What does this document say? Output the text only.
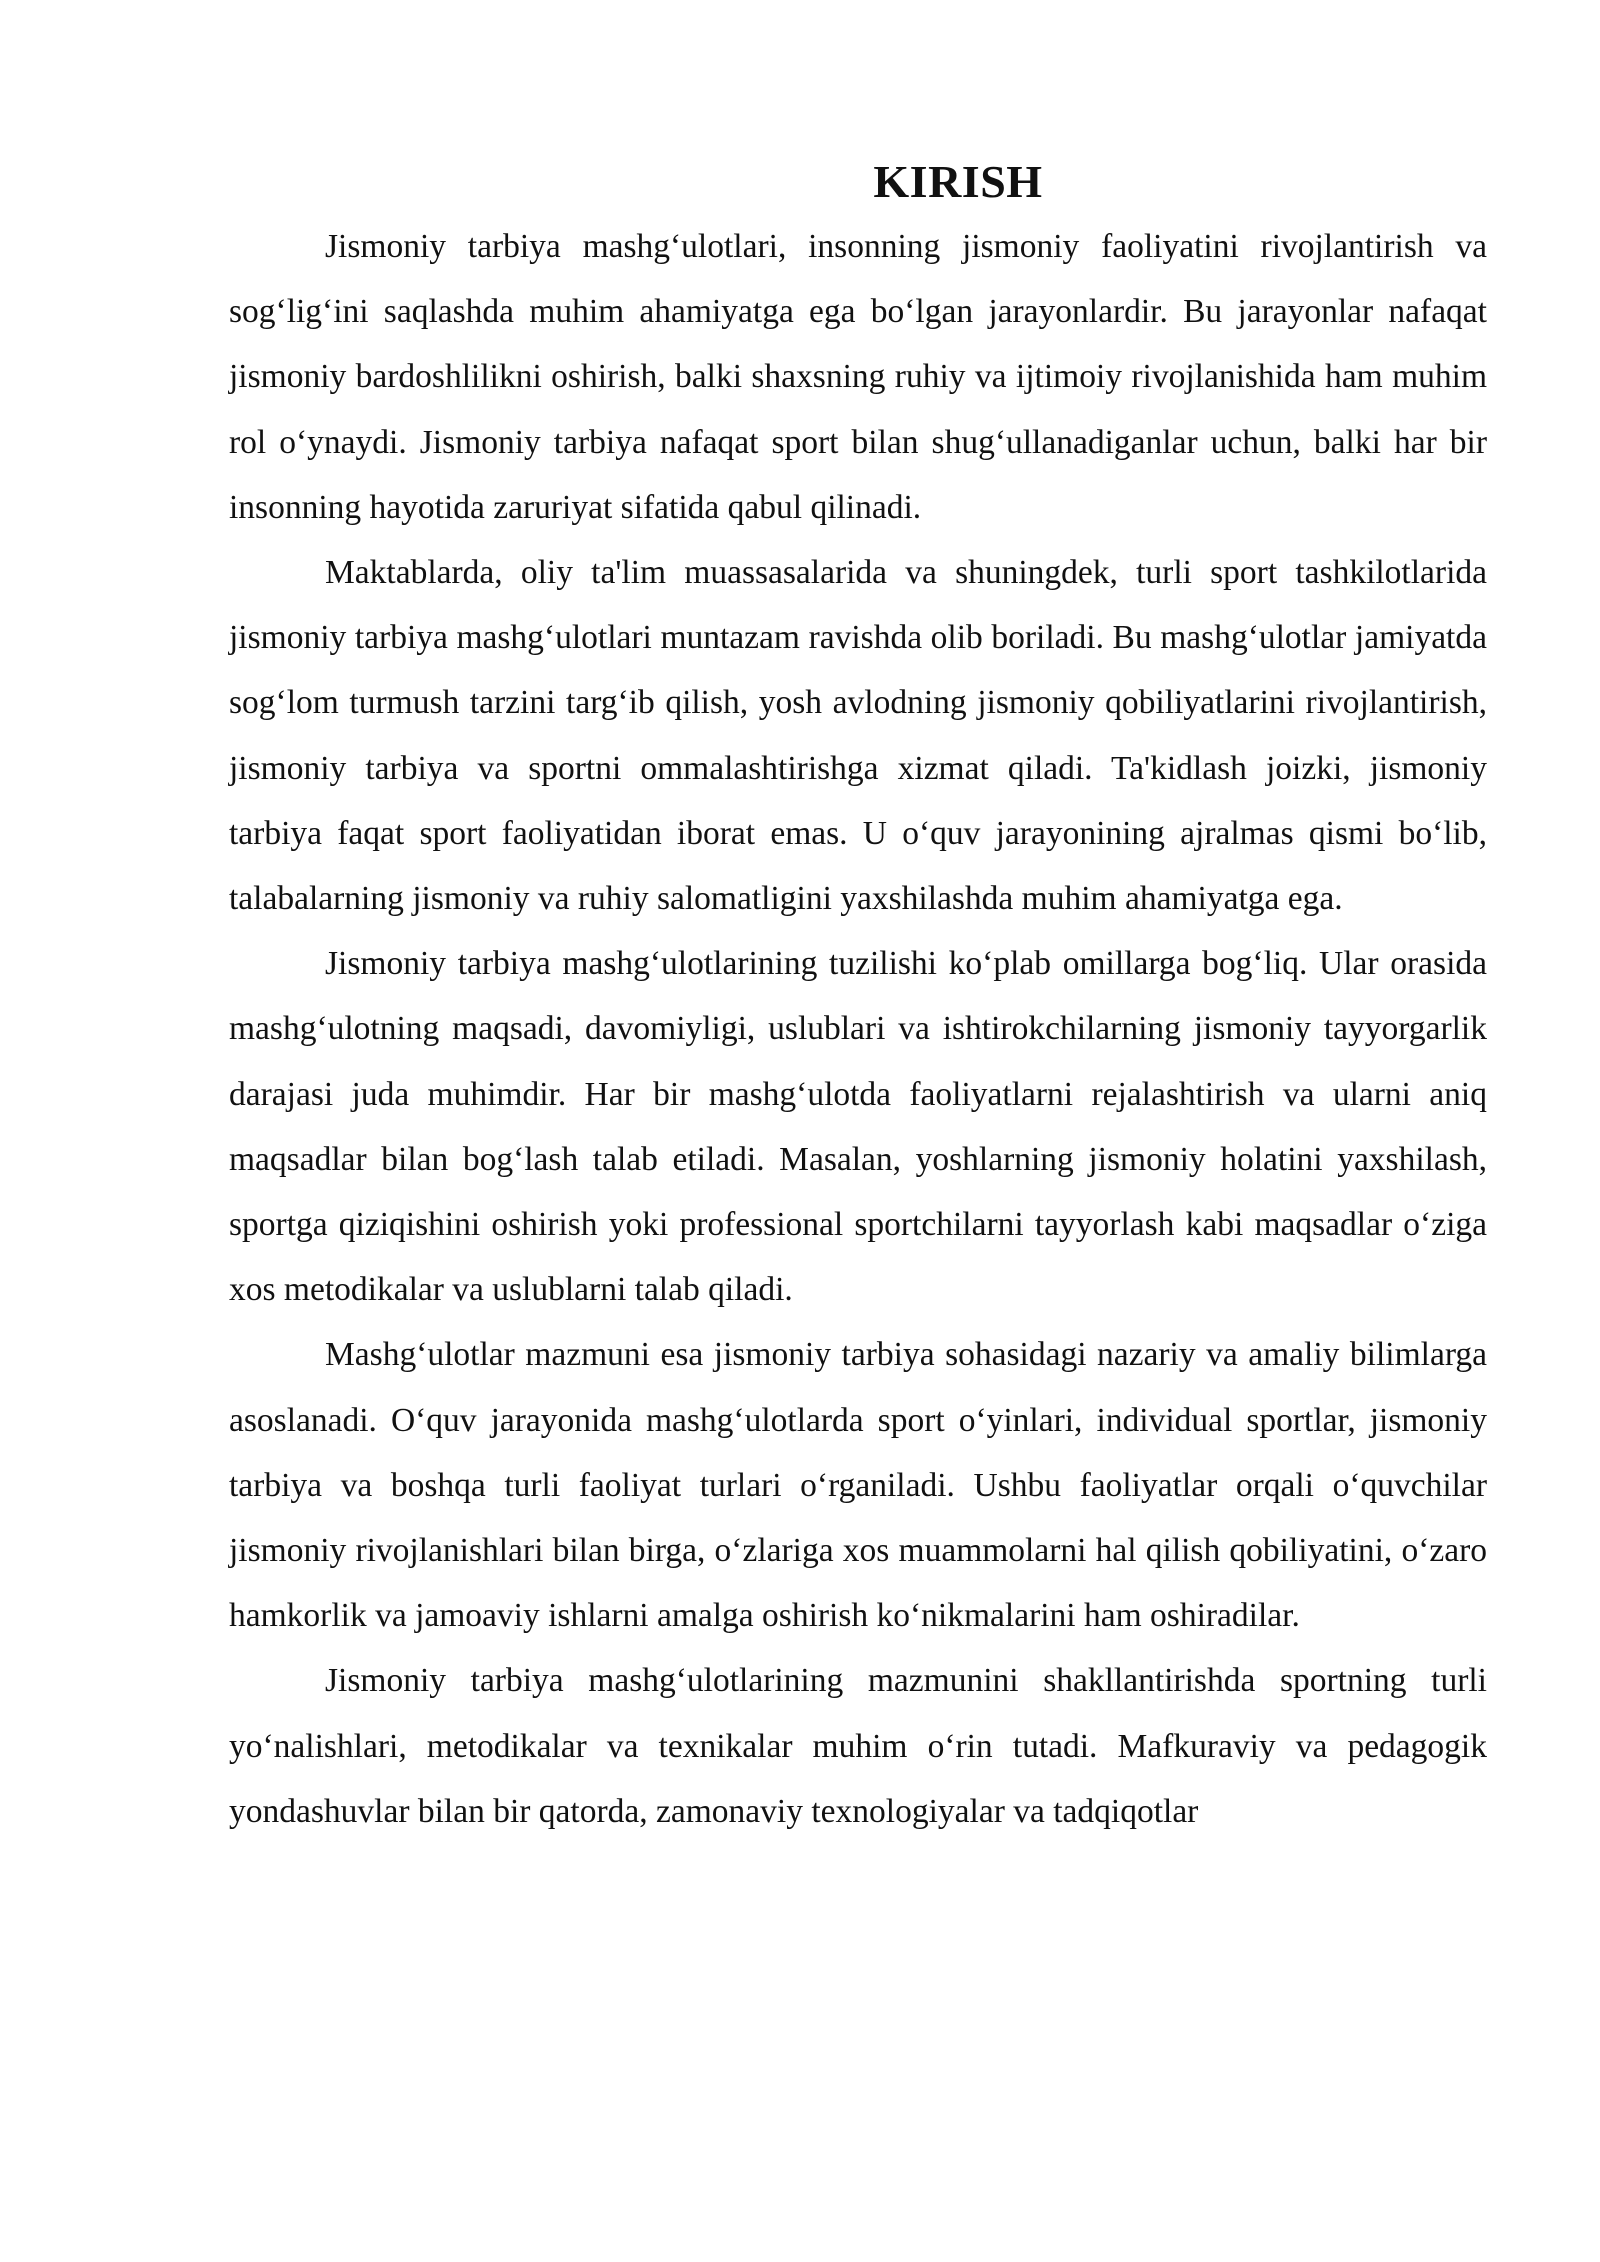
KIRISH

Jismoniy tarbiya mashg‘ulotlari, insonning jismoniy faoliyatini rivojlantirish va sog‘lig‘ini saqlashda muhim ahamiyatga ega bo‘lgan jarayonlardir. Bu jarayonlar nafaqat jismoniy bardoshlilikni oshirish, balki shaxsning ruhiy va ijtimoiy rivojlanishida ham muhim rol o‘ynaydi. Jismoniy tarbiya nafaqat sport bilan shug‘ullanadiganlar uchun, balki har bir insonning hayotida zaruriyat sifatida qabul qilinadi.

Maktablarda, oliy ta'lim muassasalarida va shuningdek, turli sport tashkilotlarida jismoniy tarbiya mashg‘ulotlari muntazam ravishda olib boriladi. Bu mashg‘ulotlar jamiyatda sog‘lom turmush tarzini targ‘ib qilish, yosh avlodning jismoniy qobiliyatlarini rivojlantirish, jismoniy tarbiya va sportni ommalashtirishga xizmat qiladi. Ta'kidlash joizki, jismoniy tarbiya faqat sport faoliyatidan iborat emas. U o‘quv jarayonining ajralmas qismi bo‘lib, talabalarning jismoniy va ruhiy salomatligini yaxshilashda muhim ahamiyatga ega.

Jismoniy tarbiya mashg‘ulotlarining tuzilishi ko‘plab omillarga bog‘liq. Ular orasida mashg‘ulotning maqsadi, davomiyligi, uslublari va ishtirokchilarning jismoniy tayyorgarlik darajasi juda muhimdir. Har bir mashg‘ulotda faoliyatlarni rejalashtirish va ularni aniq maqsadlar bilan bog‘lash talab etiladi. Masalan, yoshlarning jismoniy holatini yaxshilash, sportga qiziqishini oshirish yoki professional sportchilarni tayyorlash kabi maqsadlar o‘ziga xos metodikalar va uslublarni talab qiladi.

Mashg‘ulotlar mazmuni esa jismoniy tarbiya sohasidagi nazariy va amaliy bilimlarga asoslanadi. O‘quv jarayonida mashg‘ulotlarda sport o‘yinlari, individual sportlar, jismoniy tarbiya va boshqa turli faoliyat turlari o‘rganiladi. Ushbu faoliyatlar orqali o‘quvchilar jismoniy rivojlanishlari bilan birga, o‘zlariga xos muammolarni hal qilish qobiliyatini, o‘zaro hamkorlik va jamoaviy ishlarni amalga oshirish ko‘nikmalarini ham oshiradilar.

Jismoniy tarbiya mashg‘ulotlarining mazmunini shakllantirishda sportning turli yo‘nalishlari, metodikalar va texnikalar muhim o‘rin tutadi. Mafkuraviy va pedagogik yondashuvlar bilan bir qatorda, zamonaviy texnologiyalar va tadqiqotlar
